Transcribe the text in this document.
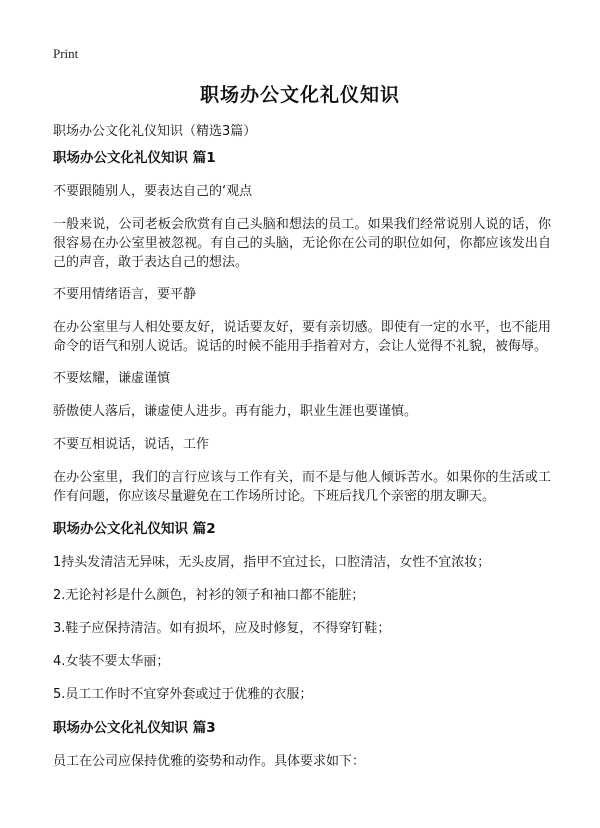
Print
职场办公文化礼仪知识
职场办公文化礼仪知识（精选3篇）
职场办公文化礼仪知识 篇1

不要跟随别人，要表达自己的‘观点

一般来说，公司老板会欣赏有自己头脑和想法的员工。如果我们经常说别人说的话，你很容易在办公室里被忽视。有自己的头脑，无论你在公司的职位如何，你都应该发出自己的声音，敢于表达自己的想法。

不要用情绪语言，要平静

在办公室里与人相处要友好，说话要友好，要有亲切感。即使有一定的水平，也不能用命令的语气和别人说话。说话的时候不能用手指着对方，会让人觉得不礼貌，被侮辱。

不要炫耀，谦虚谨慎

骄傲使人落后，谦虚使人进步。再有能力，职业生涯也要谨慎。

不要互相说话，说话，工作

在办公室里，我们的言行应该与工作有关，而不是与他人倾诉苦水。如果你的生活或工作有问题，你应该尽量避免在工作场所讨论。下班后找几个亲密的朋友聊天。

职场办公文化礼仪知识 篇2

1持头发清洁无异味，无头皮屑，指甲不宜过长，口腔清洁，女性不宜浓妆；

2.无论衬衫是什么颜色，衬衫的领子和袖口都不能脏；

3.鞋子应保持清洁。如有损坏，应及时修复，不得穿钉鞋；

4.女装不要太华丽；

5.员工工作时不宜穿外套或过于优雅的衣服；

职场办公文化礼仪知识 篇3

员工在公司应保持优雅的姿势和动作。具体要求如下：
